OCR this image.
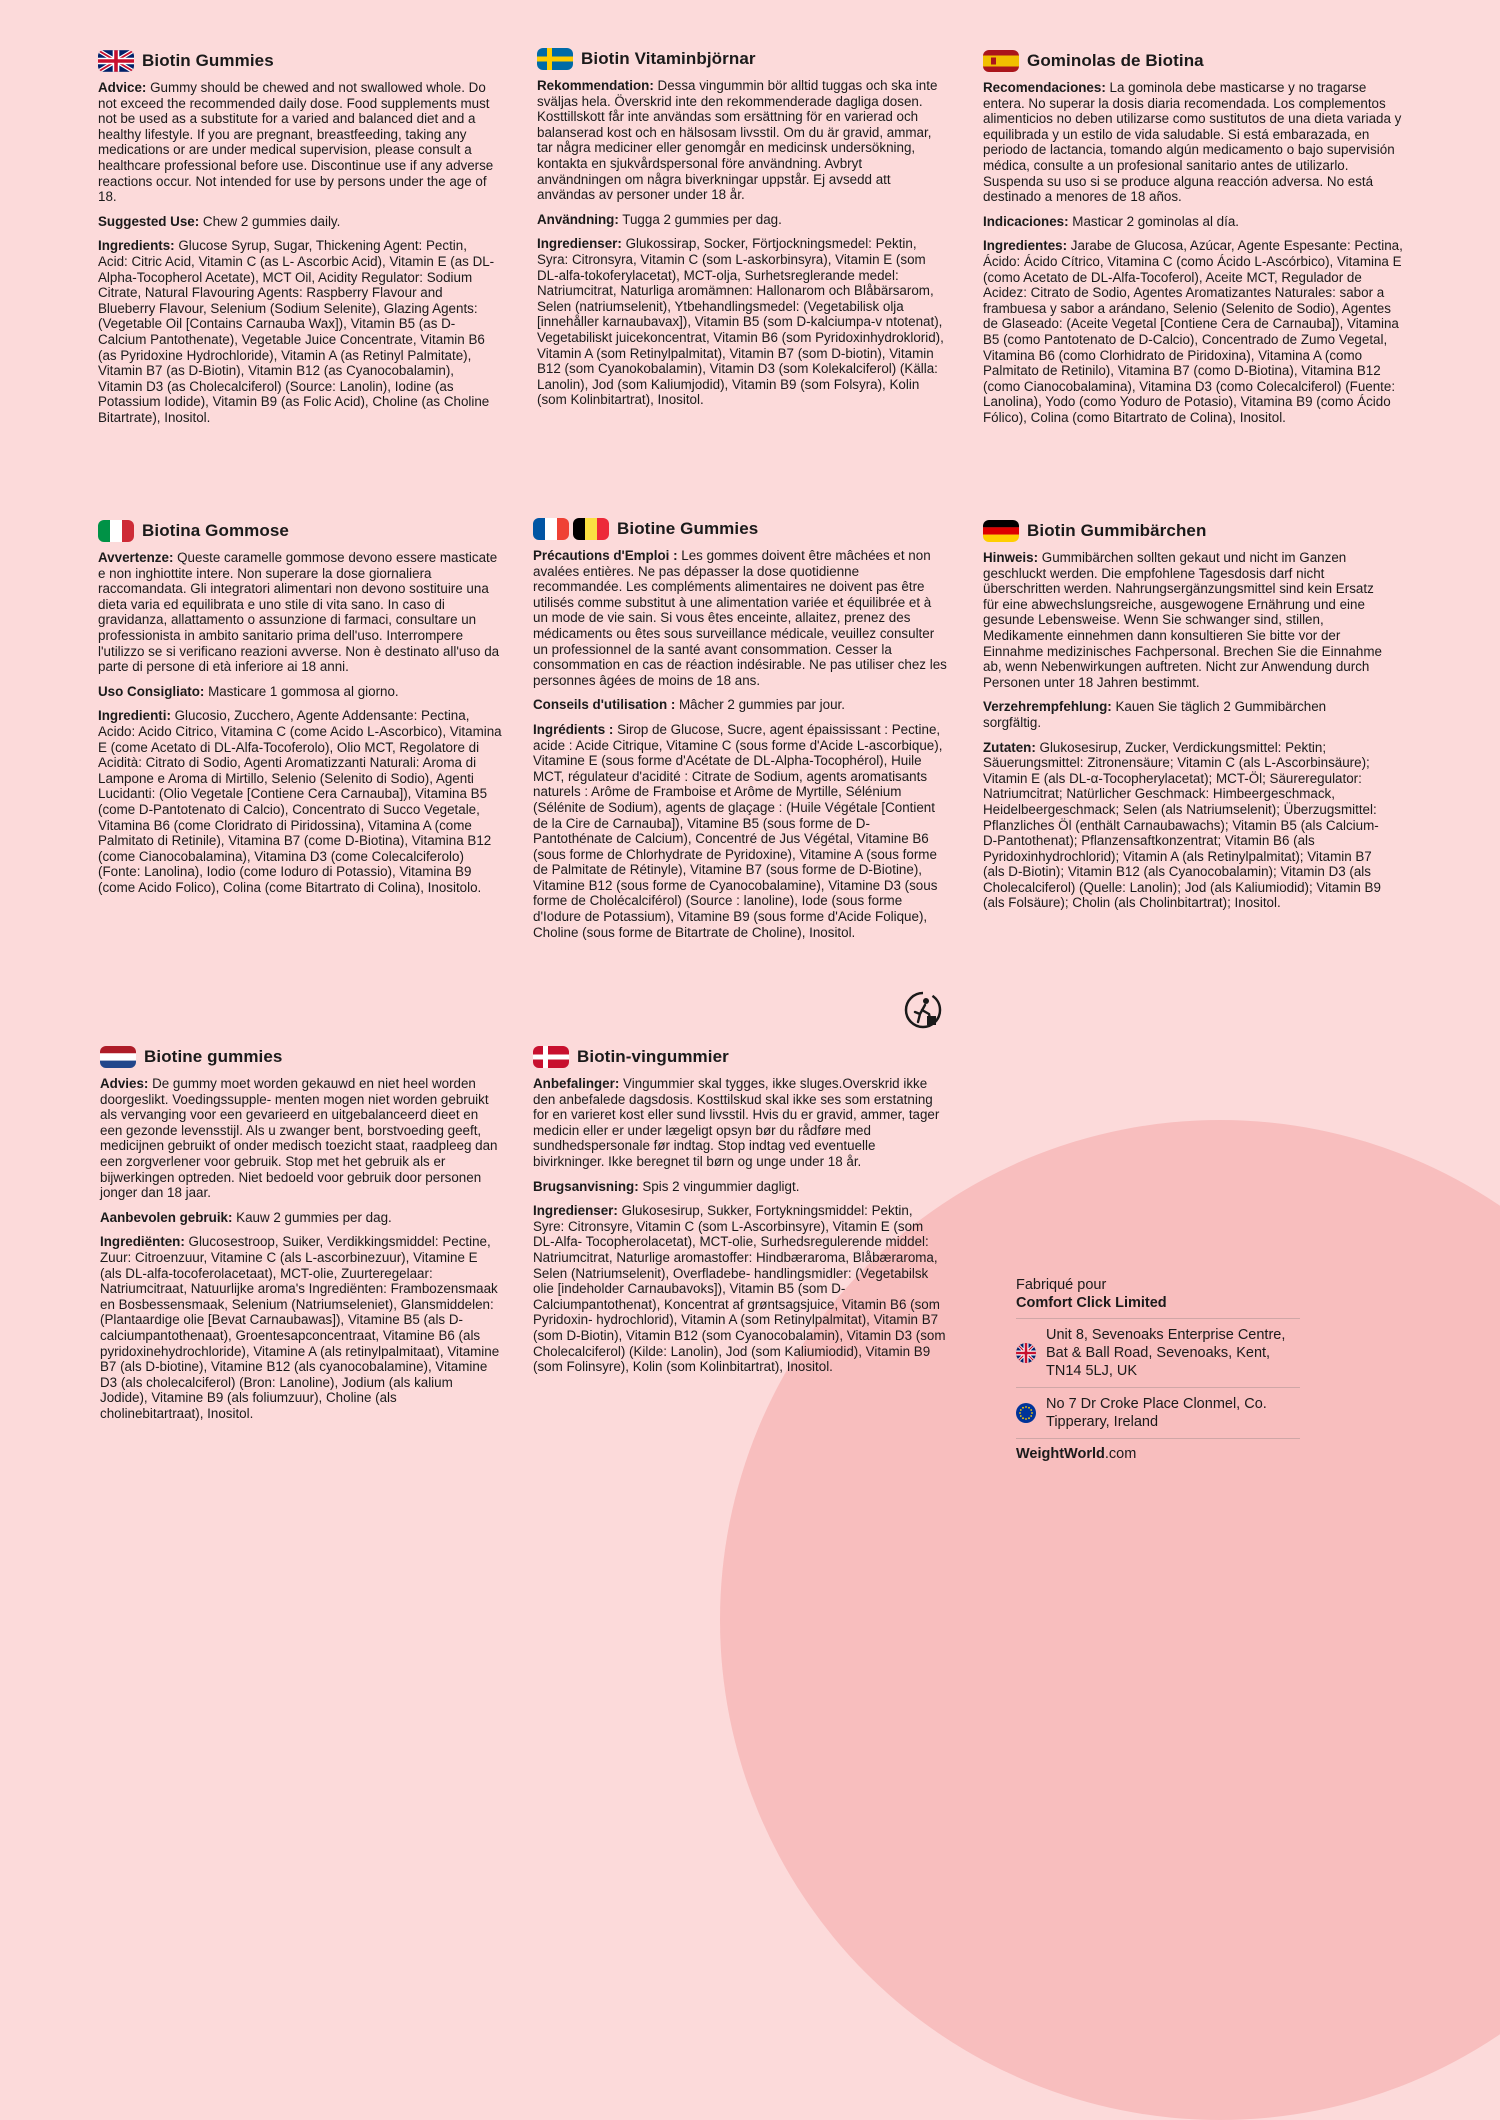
Biotin Gummies

Advice: Gummy should be chewed and not swallowed whole. Do not exceed the recommended daily dose. Food supplements must not be used as a substitute for a varied and balanced diet and a healthy lifestyle. If you are pregnant, breastfeeding, taking any medications or are under medical supervision, please consult a healthcare professional before use. Discontinue use if any adverse reactions occur. Not intended for use by persons under the age of 18.

Suggested Use: Chew 2 gummies daily.

Ingredients: Glucose Syrup, Sugar, Thickening Agent: Pectin, Acid: Citric Acid, Vitamin C (as L- Ascorbic Acid), Vitamin E (as DL-Alpha-Tocopherol Acetate), MCT Oil, Acidity Regulator: Sodium Citrate, Natural Flavouring Agents: Raspberry Flavour and Blueberry Flavour, Selenium (Sodium Selenite), Glazing Agents: (Vegetable Oil [Contains Carnauba Wax]), Vitamin B5 (as D-Calcium Pantothenate), Vegetable Juice Concentrate, Vitamin B6 (as Pyridoxine Hydrochloride), Vitamin A (as Retinyl Palmitate), Vitamin B7 (as D-Biotin), Vitamin B12 (as Cyanocobalamin), Vitamin D3 (as Cholecalciferol) (Source: Lanolin), Iodine (as Potassium Iodide), Vitamin B9 (as Folic Acid), Choline (as Choline Bitartrate), Inositol.

Biotin Vitaminbjörnar

Rekommendation: Dessa vingummin bör alltid tuggas och ska inte sväljas hela. Överskrid inte den rekommenderade dagliga dosen. Kosttillskott får inte användas som ersättning för en varierad och balanserad kost och en hälsosam livsstil. Om du är gravid, ammar, tar några mediciner eller genomgår en medicinsk undersökning, kontakta en sjukvårdspersonal före användning. Avbryt användningen om några biverkningar uppstår. Ej avsedd att användas av personer under 18 år.

Användning: Tugga 2 gummies per dag.

Ingredienser: Glukossirap, Socker, Förtjockningsmedel: Pektin, Syra: Citronsyra, Vitamin C (som L-askorbinsyra), Vitamin E (som DL-alfa-tokoferylacetat), MCT-olja, Surhetsreglerande medel: Natriumcitrat, Naturliga aromämnen: Hallonarom och Blåbärsarom, Selen (natriumselenit), Ytbehandlingsmedel: (Vegetabilisk olja [innehåller karnaubavax]), Vitamin B5 (som D-kalciumpa-v ntotenat), Vegetabiliskt juicekoncentrat, Vitamin B6 (som Pyridoxinhydroklorid), Vitamin A (som Retinylpalmitat), Vitamin B7 (som D-biotin), Vitamin B12 (som Cyanokobalamin), Vitamin D3 (som Kolekalciferol) (Källa: Lanolin), Jod (som Kaliumjodid), Vitamin B9 (som Folsyra), Kolin (som Kolinbitartrat), Inositol.

Gominolas de Biotina

Recomendaciones: La gominola debe masticarse y no tragarse entera. No superar la dosis diaria recomendada. Los complementos alimenticios no deben utilizarse como sustitutos de una dieta variada y equilibrada y un estilo de vida saludable. Si está embarazada, en periodo de lactancia, tomando algún medicamento o bajo supervisión médica, consulte a un profesional sanitario antes de utilizarlo. Suspenda su uso si se produce alguna reacción adversa. No está destinado a menores de 18 años.

Indicaciones: Masticar 2 gominolas al día.

Ingredientes: Jarabe de Glucosa, Azúcar, Agente Espesante: Pectina, Ácido: Ácido Cítrico, Vitamina C (como Ácido L-Ascórbico), Vitamina E (como Acetato de DL-Alfa-Tocoferol), Aceite MCT, Regulador de Acidez: Citrato de Sodio, Agentes Aromatizantes Naturales: sabor a frambuesa y sabor a arándano, Selenio (Selenito de Sodio), Agentes de Glaseado: (Aceite Vegetal [Contiene Cera de Carnauba]), Vitamina B5 (como Pantotenato de D-Calcio), Concentrado de Zumo Vegetal, Vitamina B6 (como Clorhidrato de Piridoxina), Vitamina A (como Palmitato de Retinilo), Vitamina B7 (como D-Biotina), Vitamina B12 (como Cianocobalamina), Vitamina D3 (como Colecalciferol) (Fuente: Lanolina), Yodo (como Yoduro de Potasio), Vitamina B9 (como Ácido Fólico), Colina (como Bitartrato de Colina), Inositol.

Biotina Gommose

Avvertenze: Queste caramelle gommose devono essere masticate e non inghiottite intere. Non superare la dose giornaliera raccomandata. Gli integratori alimentari non devono sostituire una dieta varia ed equilibrata e uno stile di vita sano. In caso di gravidanza, allattamento o assunzione di farmaci, consultare un professionista in ambito sanitario prima dell'uso. Interrompere l'utilizzo se si verificano reazioni avverse. Non è destinato all'uso da parte di persone di età inferiore ai 18 anni.

Uso Consigliato: Masticare 1 gommosa al giorno.

Ingredienti: Glucosio, Zucchero, Agente Addensante: Pectina, Acido: Acido Citrico, Vitamina C (come Acido L-Ascorbico), Vitamina E (come Acetato di DL-Alfa-Tocoferolo), Olio MCT, Regolatore di Acidità: Citrato di Sodio, Agenti Aromatizzanti Naturali: Aroma di Lampone e Aroma di Mirtillo, Selenio (Selenito di Sodio), Agenti Lucidanti: (Olio Vegetale [Contiene Cera Carnauba]), Vitamina B5 (come D-Pantotenato di Calcio), Concentrato di Succo Vegetale, Vitamina B6 (come Cloridrato di Piridossina), Vitamina A (come Palmitato di Retinile), Vitamina B7 (come D-Biotina), Vitamina B12 (come Cianocobalamina), Vitamina D3 (come Colecalciferolo) (Fonte: Lanolina), Iodio (come Ioduro di Potassio), Vitamina B9 (come Acido Folico), Colina (come Bitartrato di Colina), Inositolo.

Biotine Gummies

Précautions d'Emploi : Les gommes doivent être mâchées et non avalées entières. Ne pas dépasser la dose quotidienne recommandée. Les compléments alimentaires ne doivent pas être utilisés comme substitut à une alimentation variée et équilibrée et à un mode de vie sain. Si vous êtes enceinte, allaitez, prenez des médicaments ou êtes sous surveillance médicale, veuillez consulter un professionnel de la santé avant consommation. Cesser la consommation en cas de réaction indésirable. Ne pas utiliser chez les personnes âgées de moins de 18 ans.

Conseils d'utilisation : Mâcher 2 gummies par jour.

Ingrédients : Sirop de Glucose, Sucre, agent épaississant : Pectine, acide : Acide Citrique, Vitamine C (sous forme d'Acide L-ascorbique), Vitamine E (sous forme d'Acétate de DL-Alpha-Tocophérol), Huile MCT, régulateur d'acidité : Citrate de Sodium, agents aromatisants naturels : Arôme de Framboise et Arôme de Myrtille, Sélénium (Sélénite de Sodium), agents de glaçage : (Huile Végétale [Contient de la Cire de Carnauba]), Vitamine B5 (sous forme de D-Pantothénate de Calcium), Concentré de Jus Végétal, Vitamine B6 (sous forme de Chlorhydrate de Pyridoxine), Vitamine A (sous forme de Palmitate de Rétinyle), Vitamine B7 (sous forme de D-Biotine), Vitamine B12 (sous forme de Cyanocobalamine), Vitamine D3 (sous forme de Cholécalciférol) (Source : lanoline), Iode (sous forme d'Iodure de Potassium), Vitamine B9 (sous forme d'Acide Folique), Choline (sous forme de Bitartrate de Choline), Inositol.

Biotin Gummibärchen

Hinweis: Gummibärchen sollten gekaut und nicht im Ganzen geschluckt werden. Die empfohlene Tagesdosis darf nicht überschritten werden. Nahrungsergänzungsmittel sind kein Ersatz für eine abwechslungsreiche, ausgewogene Ernährung und eine gesunde Lebensweise. Wenn Sie schwanger sind, stillen, Medikamente einnehmen dann konsultieren Sie bitte vor der Einnahme medizinisches Fachpersonal. Brechen Sie die Einnahme ab, wenn Nebenwirkungen auftreten. Nicht zur Anwendung durch Personen unter 18 Jahren bestimmt.

Verzehrempfehlung: Kauen Sie täglich 2 Gummibärchen sorgfältig.

Zutaten: Glukosesirup, Zucker, Verdickungsmittel: Pektin; Säuerungsmittel: Zitronensäure; Vitamin C (als L-Ascorbinsäure); Vitamin E (als DL-α-Tocopherylacetat); MCT-Öl; Säureregulator: Natriumcitrat; Natürlicher Geschmack: Himbeergeschmack, Heidelbeergeschmack; Selen (als Natriumselenit); Überzugsmittel: Pflanzliches Öl (enthält Carnaubawachs); Vitamin B5 (als Calcium-D-Pantothenat); Pflanzensaftkonzentrat; Vitamin B6 (als Pyridoxinhydrochlorid); Vitamin A (als Retinylpalmitat); Vitamin B7 (als D-Biotin); Vitamin B12 (als Cyanocobalamin); Vitamin D3 (als Cholecalciferol) (Quelle: Lanolin); Jod (als Kaliumiodid); Vitamin B9 (als Folsäure); Cholin (als Cholinbitartrat); Inositol.

Biotine gummies

Advies: De gummy moet worden gekauwd en niet heel worden doorgeslikt. Voedingssupple- menten mogen niet worden gebruikt als vervanging voor een gevarieerd en uitgebalanceerd dieet en een gezonde levensstijl. Als u zwanger bent, borstvoeding geeft, medicijnen gebruikt of onder medisch toezicht staat, raadpleeg dan een zorgverlener voor gebruik. Stop met het gebruik als er bijwerkingen optreden. Niet bedoeld voor gebruik door personen jonger dan 18 jaar.

Aanbevolen gebruik: Kauw 2 gummies per dag.

Ingrediënten: Glucosestroop, Suiker, Verdikkingsmiddel: Pectine, Zuur: Citroenzuur, Vitamine C (als L-ascorbinezuur), Vitamine E (als DL-alfa-tocoferolacetaat), MCT-olie, Zuurteregelaar: Natriumcitraat, Natuurlijke aroma's Ingrediënten: Frambozensmaak en Bosbessensmaak, Selenium (Natriumseleniet), Glansmiddelen: (Plantaardige olie [Bevat Carnaubawas]), Vitamine B5 (als D-calciumpantothenaat), Groentesapconcentraat, Vitamine B6 (als pyridoxinehydrochloride), Vitamine A (als retinylpalmitaat), Vitamine B7 (als D-biotine), Vitamine B12 (als cyanocobalamine), Vitamine D3 (als cholecalciferol) (Bron: Lanoline), Jodium (als kalium Jodide), Vitamine B9 (als foliumzuur), Choline (als cholinebitartraat), Inositol.

Biotin-vingummier

Anbefalinger: Vingummier skal tygges, ikke sluges.Overskrid ikke den anbefalede dagsdosis. Kosttilskud skal ikke ses som erstatning for en varieret kost eller sund livsstil. Hvis du er gravid, ammer, tager medicin eller er under lægeligt opsyn bør du rådføre med sundhedspersonale før indtag. Stop indtag ved eventuelle bivirkninger. Ikke beregnet til børn og unge under 18 år.

Brugsanvisning: Spis 2 vingummier dagligt.

Ingredienser: Glukosesirup, Sukker, Fortykningsmiddel: Pektin, Syre: Citronsyre, Vitamin C (som L-Ascorbinsyre), Vitamin E (som DL-Alfa- Tocopherolacetat), MCT-olie, Surhedsregulerende middel: Natriumcitrat, Naturlige aromastoffer: Hindbæraroma, Blåbæraroma, Selen (Natriumselenit), Overfladebe- handlingsmidler: (Vegetabilsk olie [indeholder Carnaubavoks]), Vitamin B5 (som D-Calciumpantothenat), Koncentrat af grøntsagsjuice, Vitamin B6 (som Pyridoxin- hydrochlorid), Vitamin A (som Retinylpalmitat), Vitamin B7 (som D-Biotin), Vitamin B12 (som Cyanocobalamin), Vitamin D3 (som Cholecalciferol) (Kilde: Lanolin), Jod (som Kaliumiodid), Vitamin B9 (som Folinsyre), Kolin (som Kolinbitartrat), Inositol.

Fabriqué pour
Comfort Click Limited
Unit 8, Sevenoaks Enterprise Centre, Bat & Ball Road, Sevenoaks, Kent, TN14 5LJ, UK
No 7 Dr Croke Place Clonmel, Co. Tipperary, Ireland
WeightWorld.com
